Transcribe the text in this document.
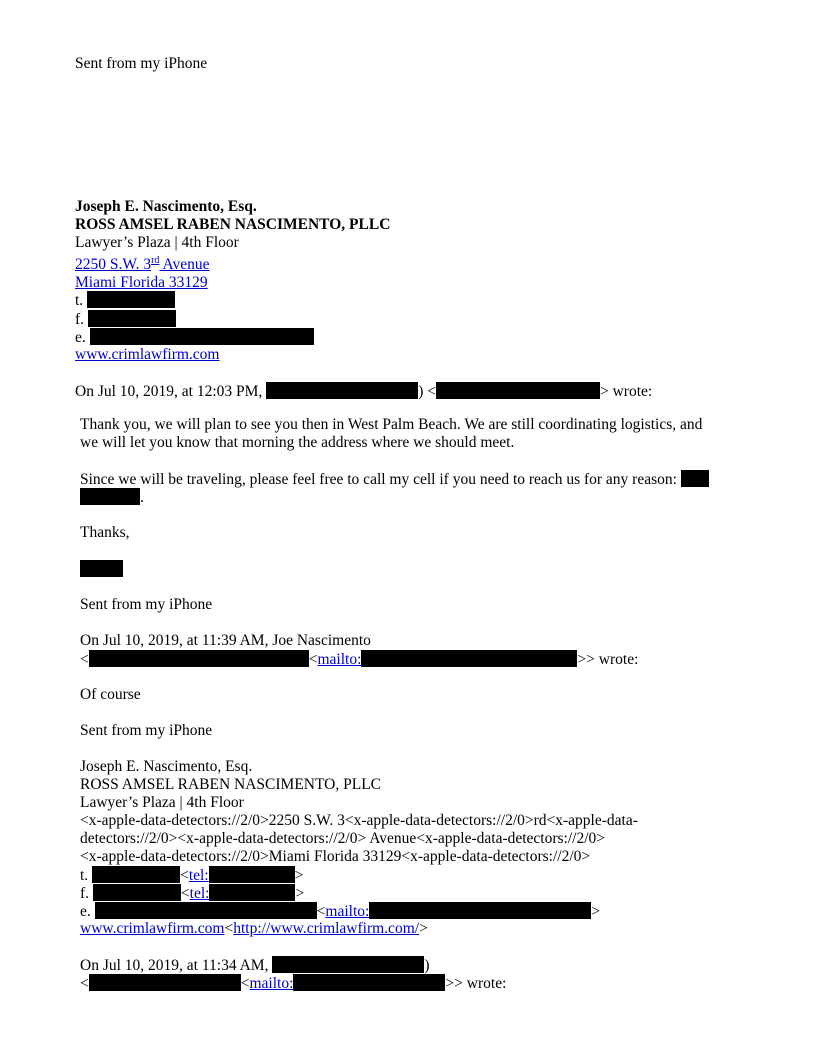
Sent from my iPhone
Joseph E. Nascimento, Esq.
ROSS AMSEL RABEN NASCIMENTO, PLLC
Lawyer’s Plaza | 4th Floor
2250 S.W. 3rd Avenue
Miami Florida 33129
t.
f.
e.
www.crimlawfirm.com
On Jul 10, 2019, at 12:03 PM,	) <	> wrote:
Thank you, we will plan to see you then in West Palm Beach. We are still coordinating logistics, and
we will let you know that morning the address where we should meet.
Since we will be traveling, please feel free to call my cell if you need to reach us for any reason:
.
Thanks,
Sent from my iPhone
On Jul 10, 2019, at 11:39 AM, Joe Nascimento
<	<mailto:	>> wrote:
Of course
Sent from my iPhone
Joseph E. Nascimento, Esq.
ROSS AMSEL RABEN NASCIMENTO, PLLC
Lawyer’s Plaza | 4th Floor
<x-apple-data-detectors://2/0>2250 S.W. 3<x-apple-data-detectors://2/0>rd<x-apple-data-
detectors://2/0><x-apple-data-detectors://2/0> Avenue<x-apple-data-detectors://2/0>
<x-apple-data-detectors://2/0>Miami Florida 33129<x-apple-data-detectors://2/0>
t.	<tel:	>
f.	<tel:	>
e.	<mailto:	>
www.crimlawfirm.com<http://www.crimlawfirm.com/>
On Jul 10, 2019, at 11:34 AM,	)
<	<mailto:	>> wrote:
